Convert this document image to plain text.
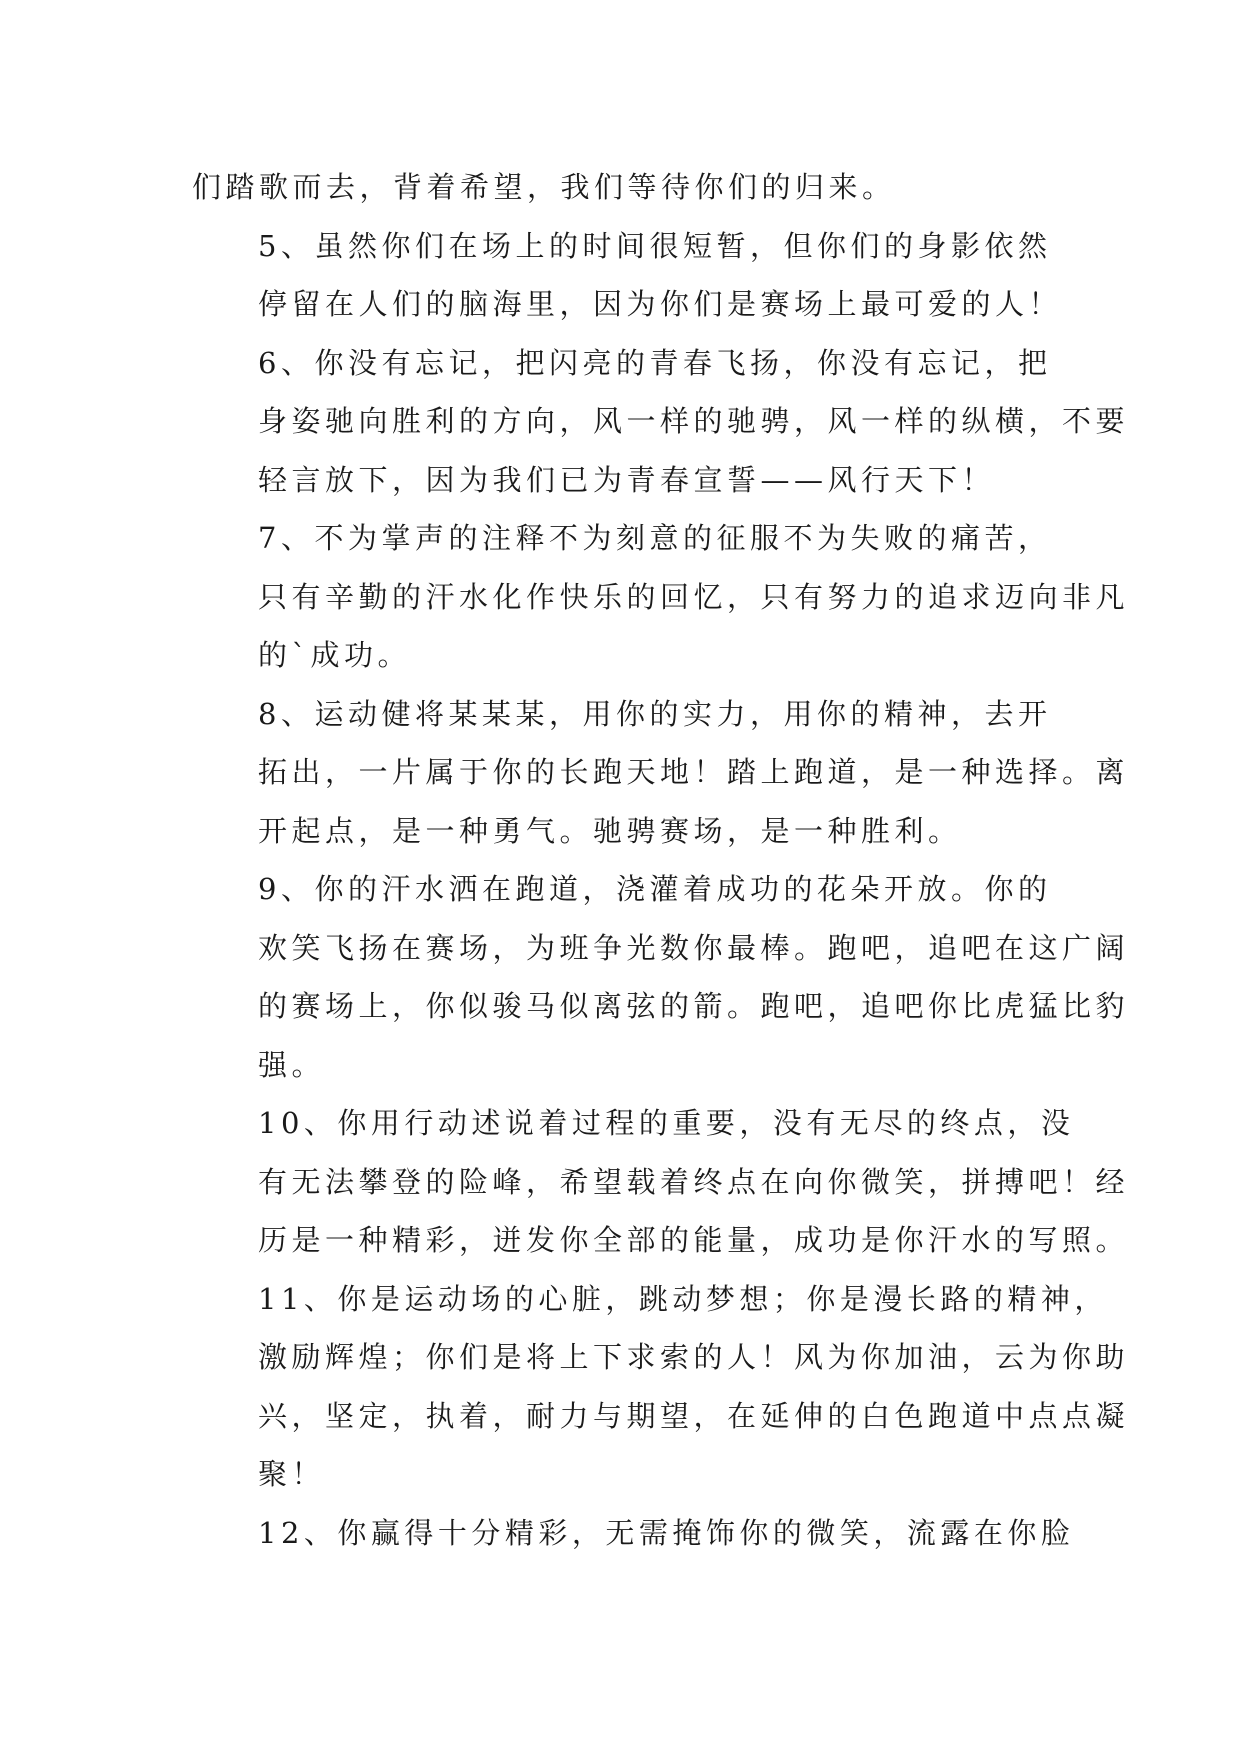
们踏歌而去，背着希望，我们等待你们的归来。

5、虽然你们在场上的时间很短暂，但你们的身影依然
停留在人们的脑海里，因为你们是赛场上最可爱的人！

6、你没有忘记，把闪亮的青春飞扬，你没有忘记，把
身姿驰向胜利的方向，风一样的驰骋，风一样的纵横，不要
轻言放下，因为我们已为青春宣誓——风行天下！

7、不为掌声的注释不为刻意的征服不为失败的痛苦，
只有辛勤的汗水化作快乐的回忆，只有努力的追求迈向非凡
的`成功。

8、运动健将某某某，用你的实力，用你的精神，去开
拓出，一片属于你的长跑天地！踏上跑道，是一种选择。离
开起点，是一种勇气。驰骋赛场，是一种胜利。

9、你的汗水洒在跑道，浇灌着成功的花朵开放。你的
欢笑飞扬在赛场，为班争光数你最棒。跑吧，追吧在这广阔
的赛场上，你似骏马似离弦的箭。跑吧，追吧你比虎猛比豹
强。

10、你用行动述说着过程的重要，没有无尽的终点，没
有无法攀登的险峰，希望载着终点在向你微笑，拼搏吧！经
历是一种精彩，迸发你全部的能量，成功是你汗水的写照。

11、你是运动场的心脏，跳动梦想；你是漫长路的精神，
激励辉煌；你们是将上下求索的人！风为你加油，云为你助
兴，坚定，执着，耐力与期望，在延伸的白色跑道中点点凝
聚！

12、你赢得十分精彩，无需掩饰你的微笑，流露在你脸
